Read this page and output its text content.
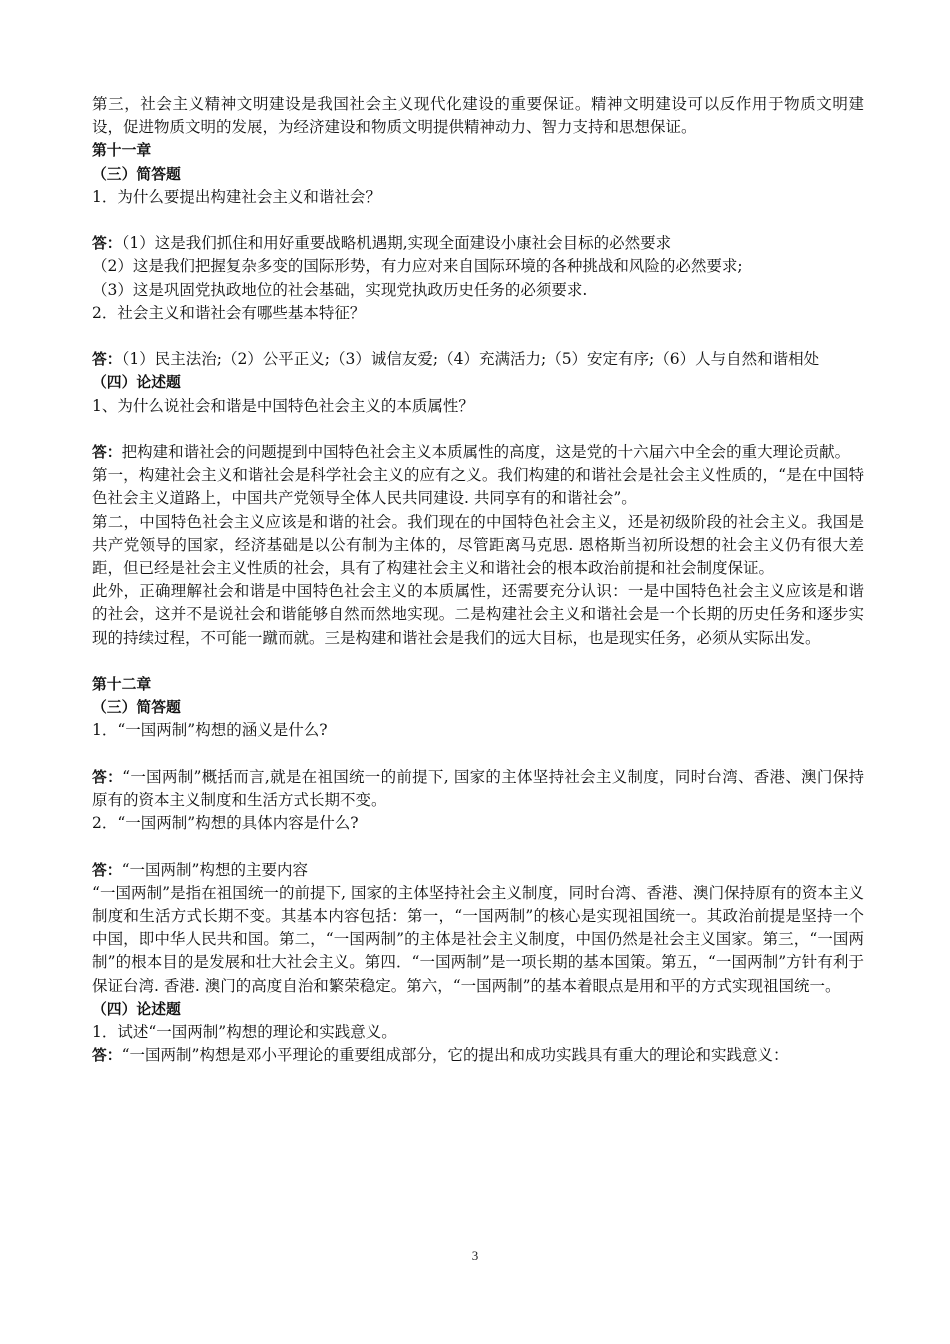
第三，社会主义精神文明建设是我国社会主义现代化建设的重要保证。精神文明建设可以反作用于物质文明建设，促进物质文明的发展，为经济建设和物质文明提供精神动力、智力支持和思想保证。

第十一章

（三）简答题

1．为什么要提出构建社会主义和谐社会？

答：（1）这是我们抓住和用好重要战略机遇期,实现全面建设小康社会目标的必然要求

（2）这是我们把握复杂多变的国际形势，有力应对来自国际环境的各种挑战和风险的必然要求;

（3）这是巩固党执政地位的社会基础，实现党执政历史任务的必须要求.

2．社会主义和谐社会有哪些基本特征？

答：（1）民主法治;（2）公平正义;（3）诚信友爱;（4）充满活力;（5）安定有序;（6）人与自然和谐相处

（四）论述题

1、为什么说社会和谐是中国特色社会主义的本质属性？

答：把构建和谐社会的问题提到中国特色社会主义本质属性的高度，这是党的十六届六中全会的重大理论贡献。

第一，构建社会主义和谐社会是科学社会主义的应有之义。我们构建的和谐社会是社会主义性质的，“是在中国特色社会主义道路上，中国共产党领导全体人民共同建设. 共同享有的和谐社会”。

第二，中国特色社会主义应该是和谐的社会。我们现在的中国特色社会主义，还是初级阶段的社会主义。我国是共产党领导的国家，经济基础是以公有制为主体的，尽管距离马克思. 恩格斯当初所设想的社会主义仍有很大差距，但已经是社会主义性质的社会，具有了构建社会主义和谐社会的根本政治前提和社会制度保证。

此外，正确理解社会和谐是中国特色社会主义的本质属性，还需要充分认识：一是中国特色社会主义应该是和谐的社会，这并不是说社会和谐能够自然而然地实现。二是构建社会主义和谐社会是一个长期的历史任务和逐步实现的持续过程，不可能一蹴而就。三是构建和谐社会是我们的远大目标，也是现实任务，必须从实际出发。

第十二章

（三）简答题

1．“一国两制”构想的涵义是什么?

答：“一国两制”概括而言,就是在祖国统一的前提下, 国家的主体坚持社会主义制度，同时台湾、香港、澳门保持原有的资本主义制度和生活方式长期不变。

2．“一国两制”构想的具体内容是什么?

答：“一国两制”构想的主要内容

“一国两制”是指在祖国统一的前提下, 国家的主体坚持社会主义制度，同时台湾、香港、澳门保持原有的资本主义制度和生活方式长期不变。其基本内容包括：第一，“一国两制”的核心是实现祖国统一。其政治前提是坚持一个中国，即中华人民共和国。第二，“一国两制”的主体是社会主义制度，中国仍然是社会主义国家。第三，“一国两制”的根本目的是发展和壮大社会主义。第四．“一国两制”是一项长期的基本国策。第五，“一国两制”方针有利于保证台湾. 香港. 澳门的高度自治和繁荣稳定。第六，“一国两制”的基本着眼点是用和平的方式实现祖国统一。

（四）论述题

1．试述“一国两制”构想的理论和实践意义。

答：“一国两制”构想是邓小平理论的重要组成部分，它的提出和成功实践具有重大的理论和实践意义：

3
